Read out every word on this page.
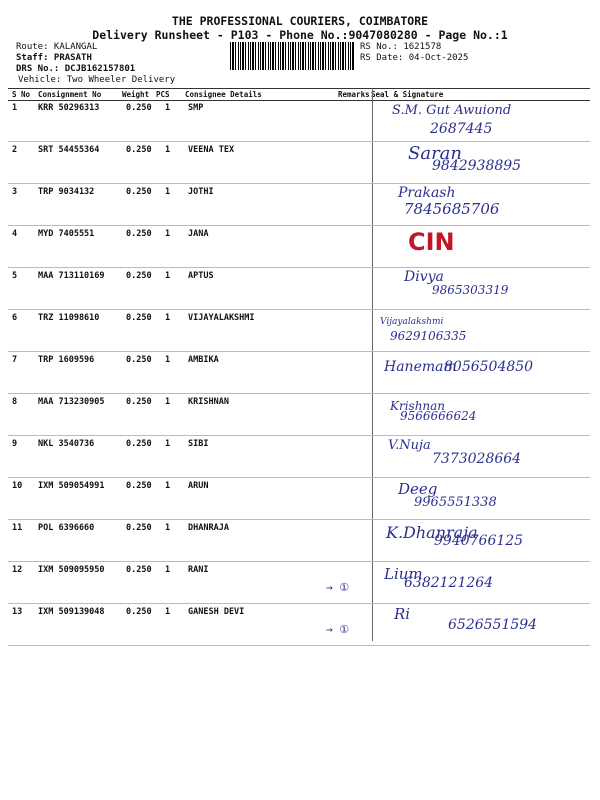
THE PROFESSIONAL COURIERS, COIMBATORE
Delivery Runsheet - P103 - Phone No.:9047080280 - Page No.:1
Route: KALANGAL
Staff: PRASATH
DRS No.: DCJB162157801
Vehicle: Two Wheeler Delivery
RS No.: 1621578
RS Date: 04-Oct-2025
S No Consignment No	Weight PCS Consignee Details	Remarks Seal & Signature
1 KRR 50296313	0.250 1 SMP	S.M. Gut Awuiond
2687445
2 SRT 54455364	0.250 1 VEENA TEX	Saran
9842938895
3 TRP 9034132	0.250 1 JOTHI	Prakash
7845685706
4 MYD 7405551	0.250 1 JANA	CIN
5 MAA 713110169	0.250 1 APTUS	Divya
9865303319
6 TRZ 11098610	0.250 1 VIJAYALAKSHMI	Vijayalakshmi
9629106335
7 TRP 1609596	0.250 1 AMBIKA	Hanemam
8056504850
8 MAA 713230905	0.250 1 KRISHNAN	Krishnan
9566666624
9 NKL 3540736	0.250 1 SIBI	V.Nuja
7373028664
10 IXM 509054991	0.250 1 ARUN	Deeg
9965551338
11 POL 6396660	0.250 1 DHANRAJA	K.Dhanraja
9940766125
12 IXM 509095950	0.250 1 RANI
→ ①
Lium
6382121264
13 IXM 509139048	0.250 1 GANESH DEVI
→ ①
Ri
6526551594
